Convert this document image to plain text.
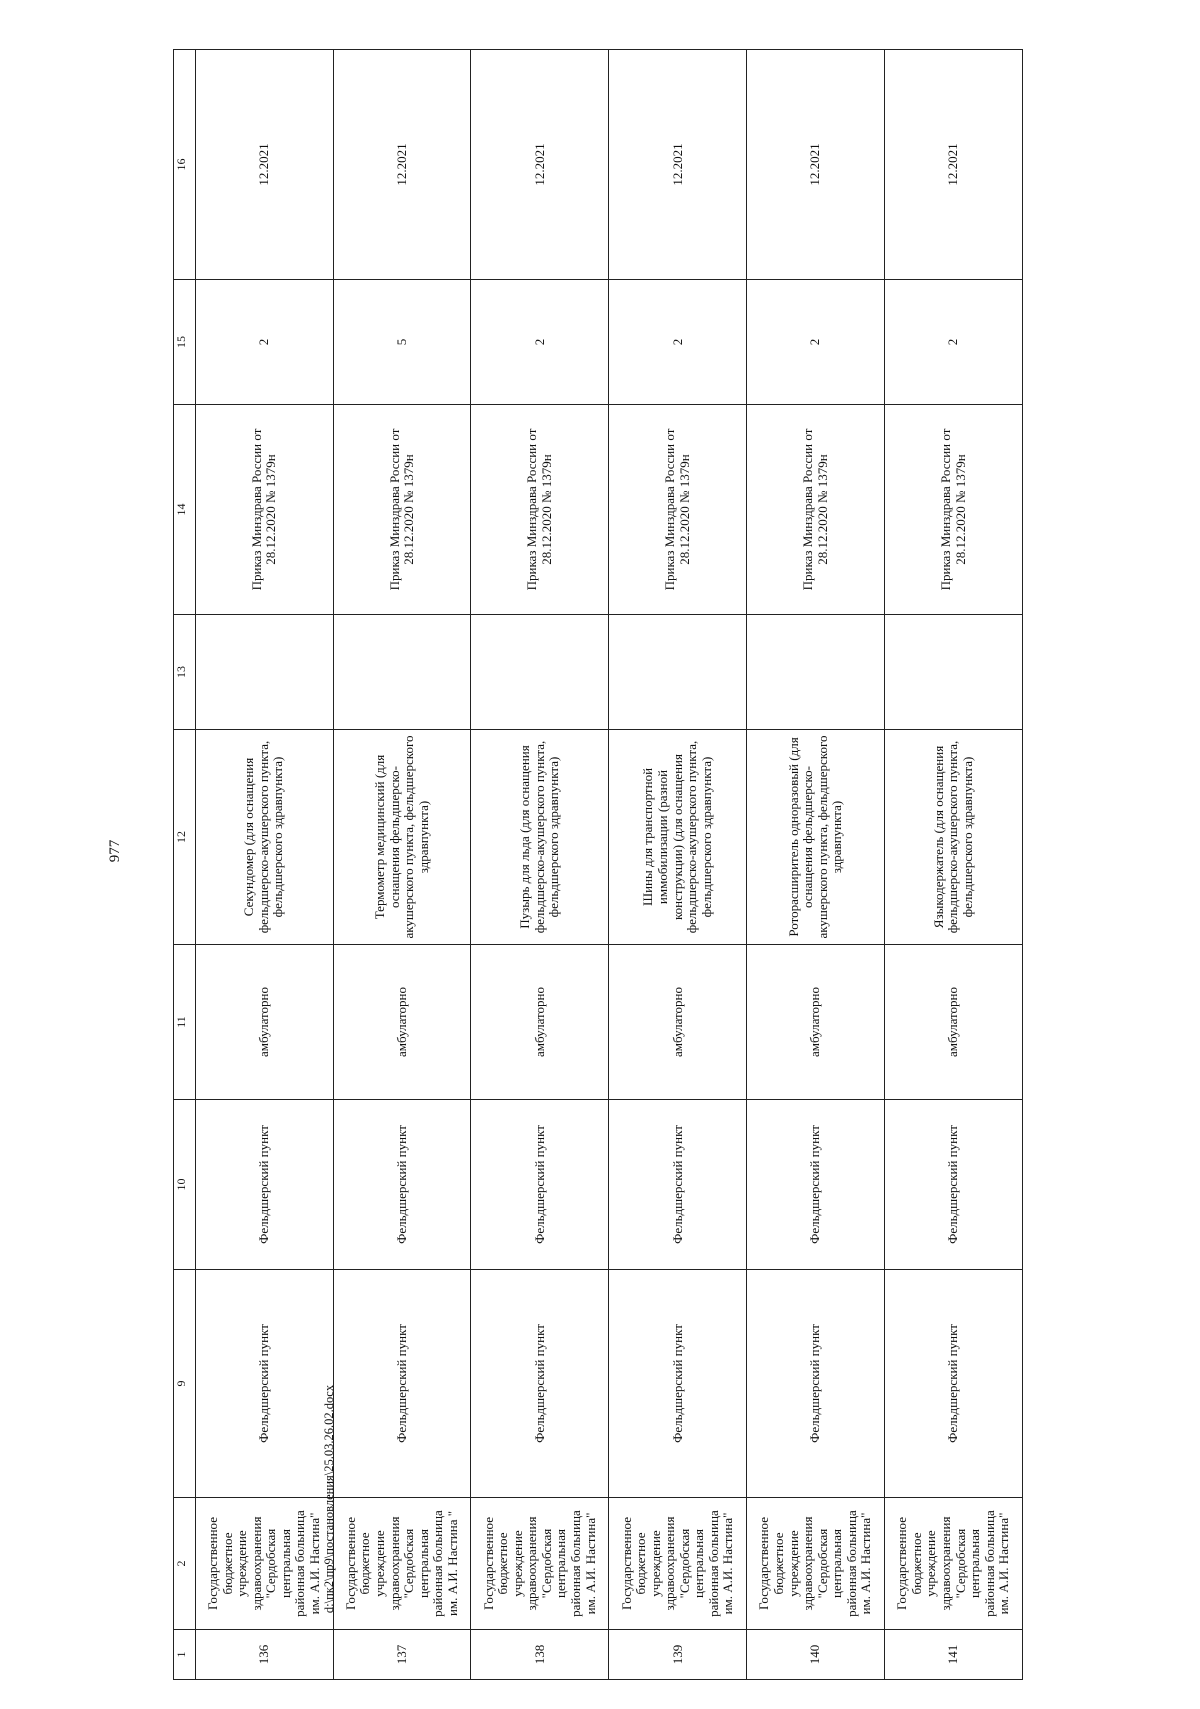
977
1	2	9	10	11	12	13	14	15	16
136	Государственное бюджетное учреждение здравоохранения "Сердобская центральная районная больница им. А.И. Настина"	Фельдшерский пункт	Фельдшерский пункт	амбулаторно	Секундомер (для оснащения фельдшерско-акушерского пункта, фельдшерского здравпункта)		Приказ Минздрава России от 28.12.2020 № 1379н	2	12.2021
137	Государственное бюджетное учреждение здравоохранения "Сердобская центральная районная больница им. А.И. Настина "	Фельдшерский пункт	Фельдшерский пункт	амбулаторно	Термометр медицинский (для оснащения фельдшерско-акушерского пункта, фельдшерского здравпункта)		Приказ Минздрава России от 28.12.2020 № 1379н	5	12.2021
138	Государственное бюджетное учреждение здравоохранения "Сердобская центральная районная больница им. А.И. Настина"	Фельдшерский пункт	Фельдшерский пункт	амбулаторно	Пузырь для льда (для оснащения фельдшерско-акушерского пункта, фельдшерского здравпункта)		Приказ Минздрава России от 28.12.2020 № 1379н	2	12.2021
139	Государственное бюджетное учреждение здравоохранения "Сердобская центральная районная больница им. А.И. Настина"	Фельдшерский пункт	Фельдшерский пункт	амбулаторно	Шины для транспортной иммобилизации (разной конструкции) (для оснащения фельдшерско-акушерского пункта, фельдшерского здравпункта)		Приказ Минздрава России от 28.12.2020 № 1379н	2	12.2021
140	Государственное бюджетное учреждение здравоохранения "Сердобская центральная районная больница им. А.И. Настина"	Фельдшерский пункт	Фельдшерский пункт	амбулаторно	Роторасширитель одноразовый (для оснащения фельдшерско-акушерского пункта, фельдшерского здравпункта)		Приказ Минздрава России от 28.12.2020 № 1379н	2	12.2021
141	Государственное бюджетное учреждение здравоохранения "Сердобская центральная районная больница им. А.И. Настина"	Фельдшерский пункт	Фельдшерский пункт	амбулаторно	Языкодержатель (для оснащения фельдшерско-акушерского пункта, фельдшерского здравпункта)		Приказ Минздрава России от 28.12.2020 № 1379н	2	12.2021
d:\пк2\пр9\постановления\25.03.26.02.docx
